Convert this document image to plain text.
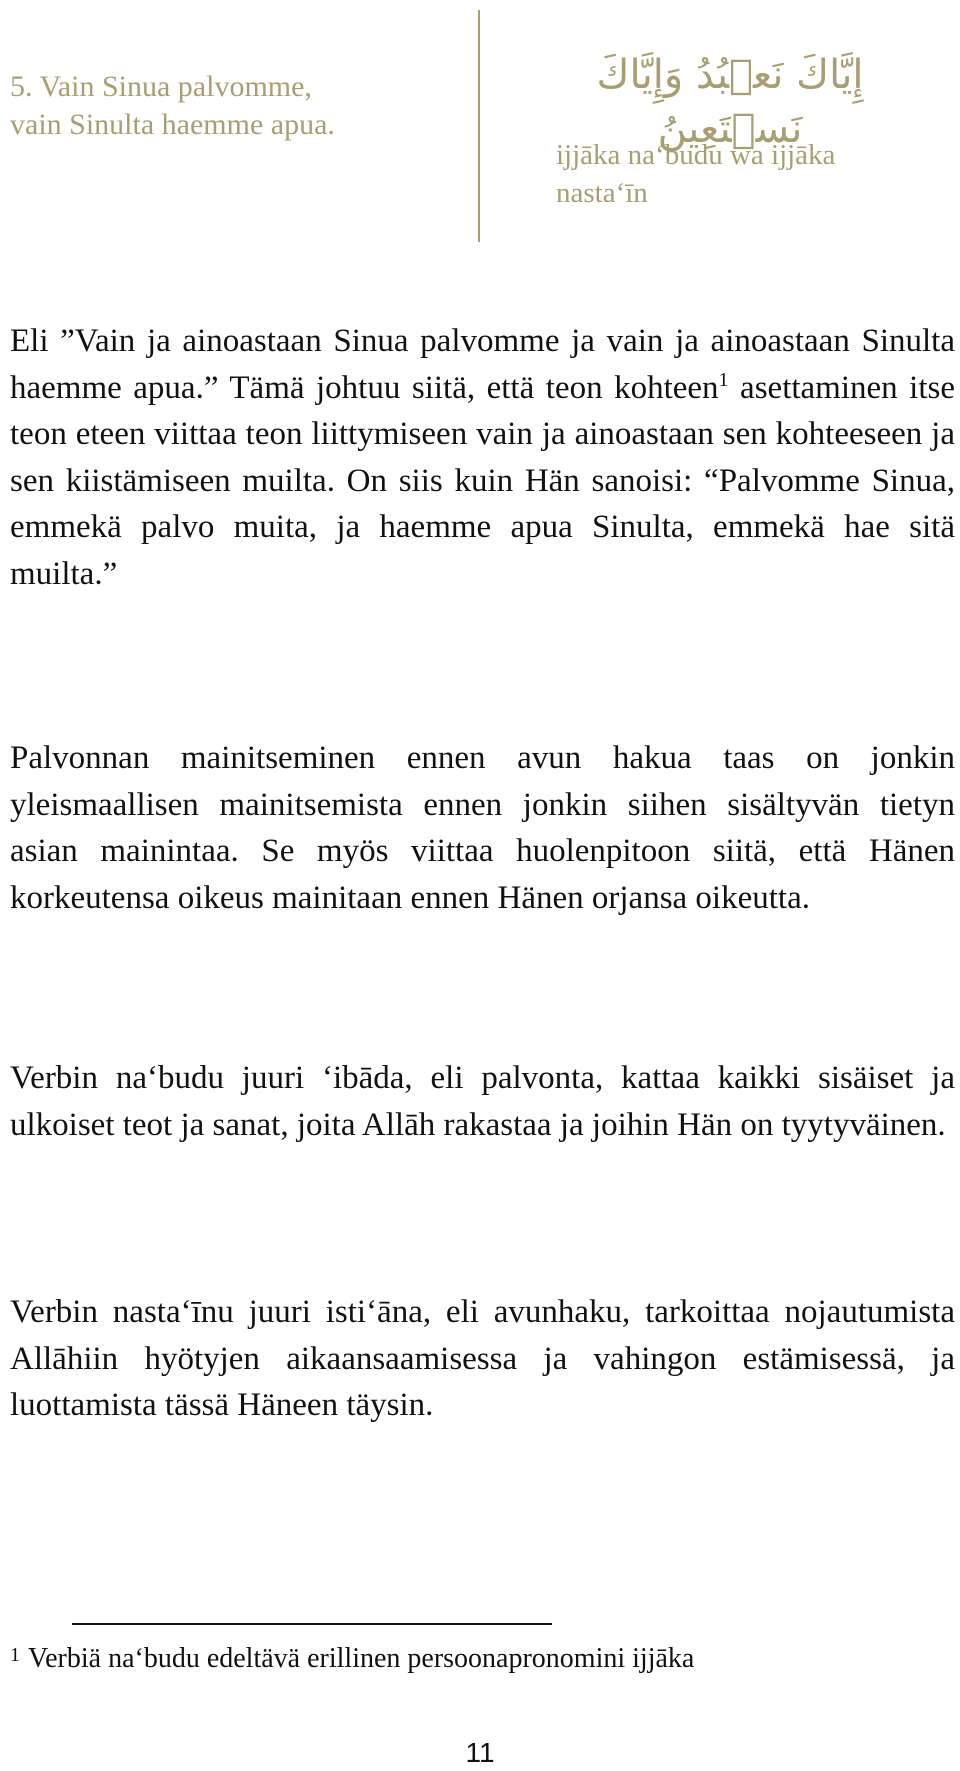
5. Vain Sinua palvomme,
vain Sinulta haemme apua.
إِيَّاكَ نَعۡبُدُ وَإِيَّاكَ نَسۡتَعِينُ
ijjāka na‘budu wa ijjāka
nasta‘īn

Eli ”Vain ja ainoastaan Sinua palvomme ja vain ja ainoastaan Sinulta haemme apua.” Tämä johtuu siitä, että teon kohteen$^1$ asettaminen itse teon eteen viittaa teon liittymiseen vain ja ainoastaan sen kohteeseen ja sen kiistämiseen muilta. On siis kuin Hän sanoisi: “Palvomme Sinua, emmekä palvo muita, ja haemme apua Sinulta, emmekä hae sitä muilta.”

Palvonnan mainitseminen ennen avun hakua taas on jonkin yleismaallisen mainitsemista ennen jonkin siihen sisältyvän tietyn asian mainintaa. Se myös viittaa huolenpitoon siitä, että Hänen korkeutensa oikeus mainitaan ennen Hänen orjansa oikeutta.

Verbin na‘budu juuri ‘ibāda, eli palvonta, kattaa kaikki sisäiset ja ulkoiset teot ja sanat, joita Allāh rakastaa ja joihin Hän on tyytyväinen.

Verbin nasta‘īnu juuri isti‘āna, eli avunhaku, tarkoittaa nojautumista Allāhiin hyötyjen aikaansaamisessa ja vahingon estämisessä, ja luottamista tässä Häneen täysin.

$^1$ Verbiä na‘budu edeltävä erillinen persoonapronomini ijjāka
11
